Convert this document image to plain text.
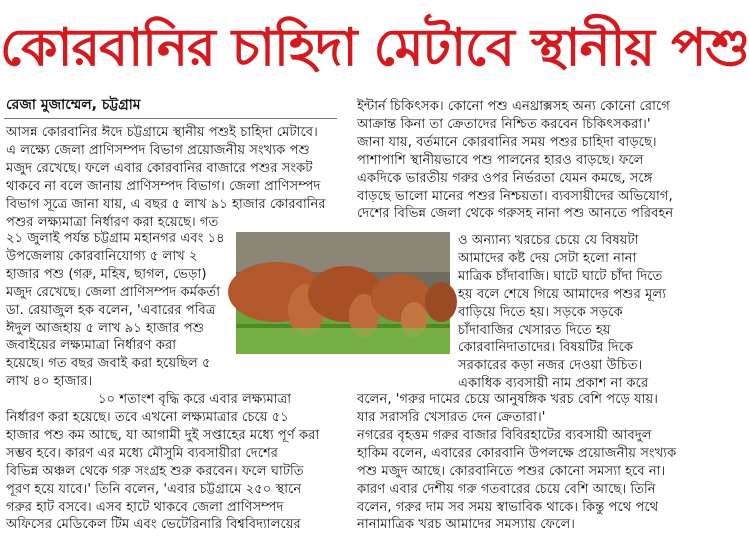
কোরবানির চাহিদা মেটাবে স্থানীয় পশু
রেজা মুজাম্মেল, চট্টগ্রাম
আসন্ন কোরবানির ঈদে চট্টগ্রামে স্থানীয় পশুই চাহিদা মেটাবে।
এ লক্ষ্যে জেলা প্রাণিসম্পদ বিভাগ প্রয়োজনীয় সংখ্যক পশু
মজুদ রেখেছে। ফলে এবার কোরবানির বাজারে পশুর সংকট
থাকবে না বলে জানায় প্রাণিসম্পদ বিভাগ। জেলা প্রাণিসম্পদ
বিভাগ সূত্রে জানা যায়, এ বছর ৫ লাখ ৯১ হাজার কোরবানির
পশুর লক্ষ্যমাত্রা নির্ধারণ করা হয়েছে। গত
২১ জুলাই পর্যন্ত চট্টগ্রাম মহানগর এবং ১৪
উপজেলায় কোরবানিযোগ্য ৫ লাখ ২
হাজার পশু (গরু, মহিষ, ছাগল, ভেড়া)
মজুদ রেখেছে। জেলা প্রাণিসম্পদ কর্মকর্তা
ডা. রেয়াজুল হক বলেন, 'এবারের পবিত্র
ঈদুল আজহায় ৫ লাখ ৯১ হাজার পশু
জবাইয়ের লক্ষ্যমাত্রা নির্ধারণ করা
হয়েছে। গত বছর জবাই করা হয়েছিল ৫
লাখ ৪০ হাজার।
১০ শতাংশ বৃদ্ধি করে এবার লক্ষ্যমাত্রা
নির্ধারণ করা হয়েছে। তবে এখনো লক্ষ্যমাত্রার চেয়ে ৫১
হাজার পশু কম আছে, যা আগামী দুই সপ্তাহের মধ্যে পূর্ণ করা
সম্ভব হবে। কারণ এর মধ্যে মৌসুমি ব্যবসায়ীরা দেশের
বিভিন্ন অঞ্চল থেকে গরু সংগ্রহ শুরু করবেন। ফলে ঘাটতি
পূরণ হয়ে যাবে।' তিনি বলেন, 'এবার চট্টগ্রামে ২৫০ স্থানে
গরুর হাট বসবে। এসব হাটে থাকবে জেলা প্রাণিসম্পদ
অফিসের মেডিকেল টিম এবং ভেটেরিনারি বিশ্ববিদ্যালয়ের
ইন্টার্ন চিকিৎসক। কোনো পশু এনথ্রাক্সসহ অন্য কোনো রোগে
আক্রান্ত কিনা তা ক্রেতাদের নিশ্চিত করবেন চিকিৎসকরা।'
জানা যায়, বর্তমানে কোরবানির সময় পশুর চাহিদা বাড়ছে।
পাশাপাশি স্থানীয়ভাবে পশু পালনের হারও বাড়ছে। ফলে
একদিকে ভারতীয় গরুর ওপর নির্ভরতা যেমন কমছে, সঙ্গে
বাড়ছে ভালো মানের পশুর নিশ্চয়তা। ব্যবসায়ীদের অভিযোগ,
দেশের বিভিন্ন জেলা থেকে গরুসহ নানা পশু আনতে পরিবহন
ও অন্যান্য খরচের চেয়ে যে বিষয়টা
আমাদের কষ্ট দেয় সেটা হলো নানা
মাত্রিক চাঁদাবাজি। ঘাটে ঘাটে চাঁদা দিতে
হয় বলে শেষে গিয়ে আমাদের পশুর মূল্য
বাড়িয়ে দিতে হয়। সড়কে সড়কে
চাঁদাবাজির খেসারত দিতে হয়
কোরবানিদাতাদের। বিষয়টির দিকে
সরকারের কড়া নজর দেওয়া উচিত।
একাধিক ব্যবসায়ী নাম প্রকাশ না করে
বলেন, 'গরুর দামের চেয়ে আনুষঙ্গিক খরচ বেশি পড়ে যায়।
যার সরাসরি খেসারত দেন ক্রেতারা।'
নগরের বৃহত্তম গরুর বাজার বিবিরহাটের ব্যবসায়ী আবদুল
হাকিম বলেন, এবারের কোরবানি উপলক্ষে প্রয়োজনীয় সংখ্যক
পশু মজুদ আছে। কোরবানিতে পশুর কোনো সমস্যা হবে না।
কারণ এবার দেশীয় গরু গতবারের চেয়ে বেশি আছে। তিনি
বলেন, গরুর দাম সব সময় স্বাভাবিক থাকে। কিন্তু পথে পথে
নানামাত্রিক খরচ আমাদের সমস্যায় ফেলে।
